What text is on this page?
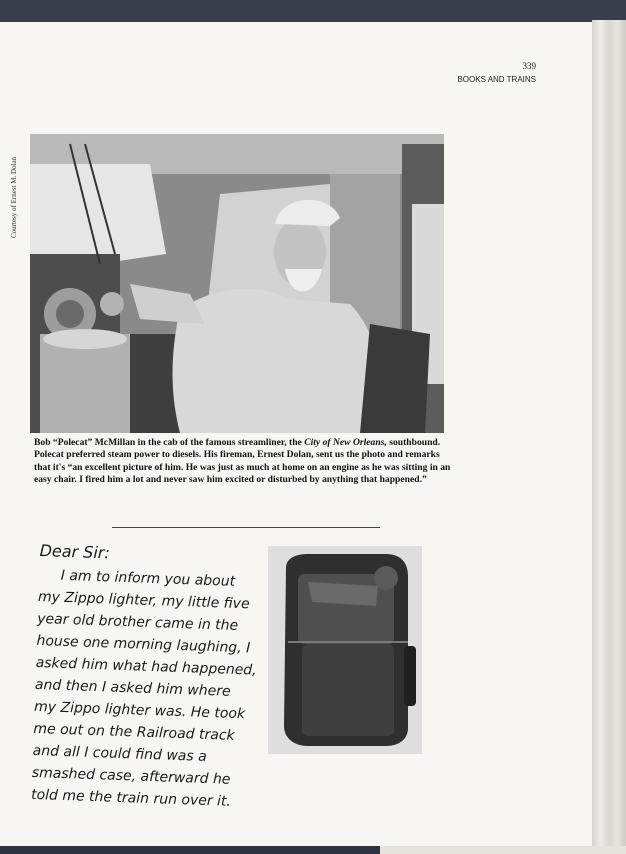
339
BOOKS AND TRAINS
Courtesy of Ernest M. Dolan
Bob “Polecat” McMillan in the cab of the famous streamliner, the City of New Orleans, southbound. Polecat preferred steam power to diesels. His fireman, Ernest Dolan, sent us the photo and remarks that it's “an excellent picture of him. He was just as much at home on an engine as he was sitting in an easy chair. I fired him a lot and never saw him excited or disturbed by anything that happened.”
Dear Sir:
I am to inform you about
my Zippo lighter, my little five
year old brother came in the
house one morning laughing, I
asked him what had happened,
and then I asked him where
my Zippo lighter was. He took
me out on the Railroad track
and all I could find was a
smashed case, afterward he
told me the train run over it.
